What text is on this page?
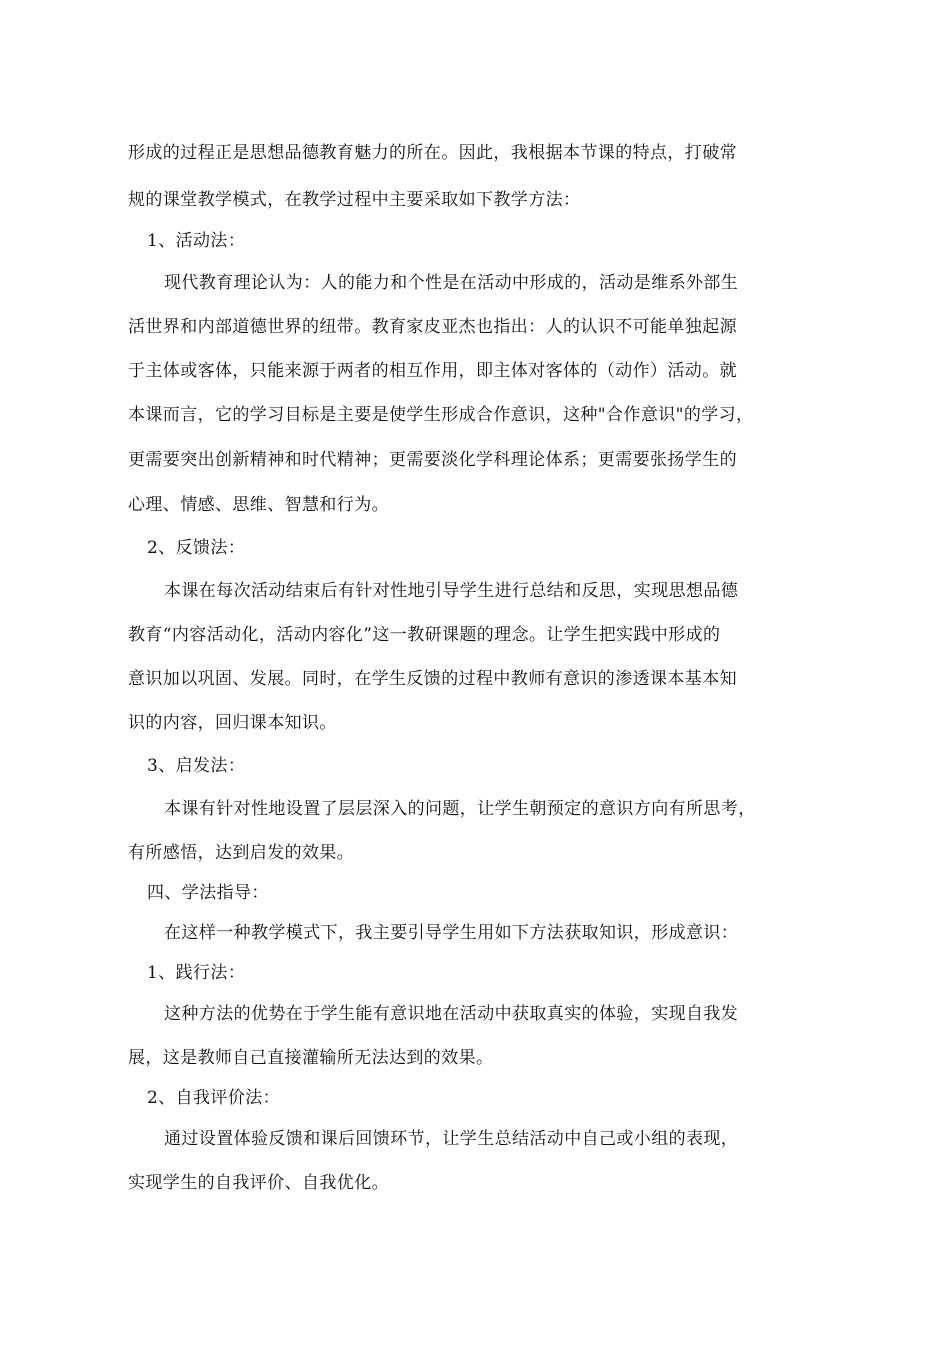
形成的过程正是思想品德教育魅力的所在。因此，我根据本节课的特点，打破常
规的课堂教学模式，在教学过程中主要采取如下教学方法：
1、活动法：
现代教育理论认为：人的能力和个性是在活动中形成的，活动是维系外部生
活世界和内部道德世界的纽带。教育家皮亚杰也指出：人的认识不可能单独起源
于主体或客体，只能来源于两者的相互作用，即主体对客体的（动作）活动。就
本课而言，它的学习目标是主要是使学生形成合作意识，这种"合作意识"的学习，
更需要突出创新精神和时代精神；更需要淡化学科理论体系；更需要张扬学生的
心理、情感、思维、智慧和行为。
2、反馈法：
本课在每次活动结束后有针对性地引导学生进行总结和反思，实现思想品德
教育“内容活动化，活动内容化”这一教研课题的理念。让学生把实践中形成的
意识加以巩固、发展。同时，在学生反馈的过程中教师有意识的渗透课本基本知
识的内容，回归课本知识。
3、启发法：
本课有针对性地设置了层层深入的问题，让学生朝预定的意识方向有所思考，
有所感悟，达到启发的效果。
四、学法指导：
在这样一种教学模式下，我主要引导学生用如下方法获取知识，形成意识：
1、践行法：
这种方法的优势在于学生能有意识地在活动中获取真实的体验，实现自我发
展，这是教师自己直接灌输所无法达到的效果。
2、自我评价法：
通过设置体验反馈和课后回馈环节，让学生总结活动中自己或小组的表现，
实现学生的自我评价、自我优化。
